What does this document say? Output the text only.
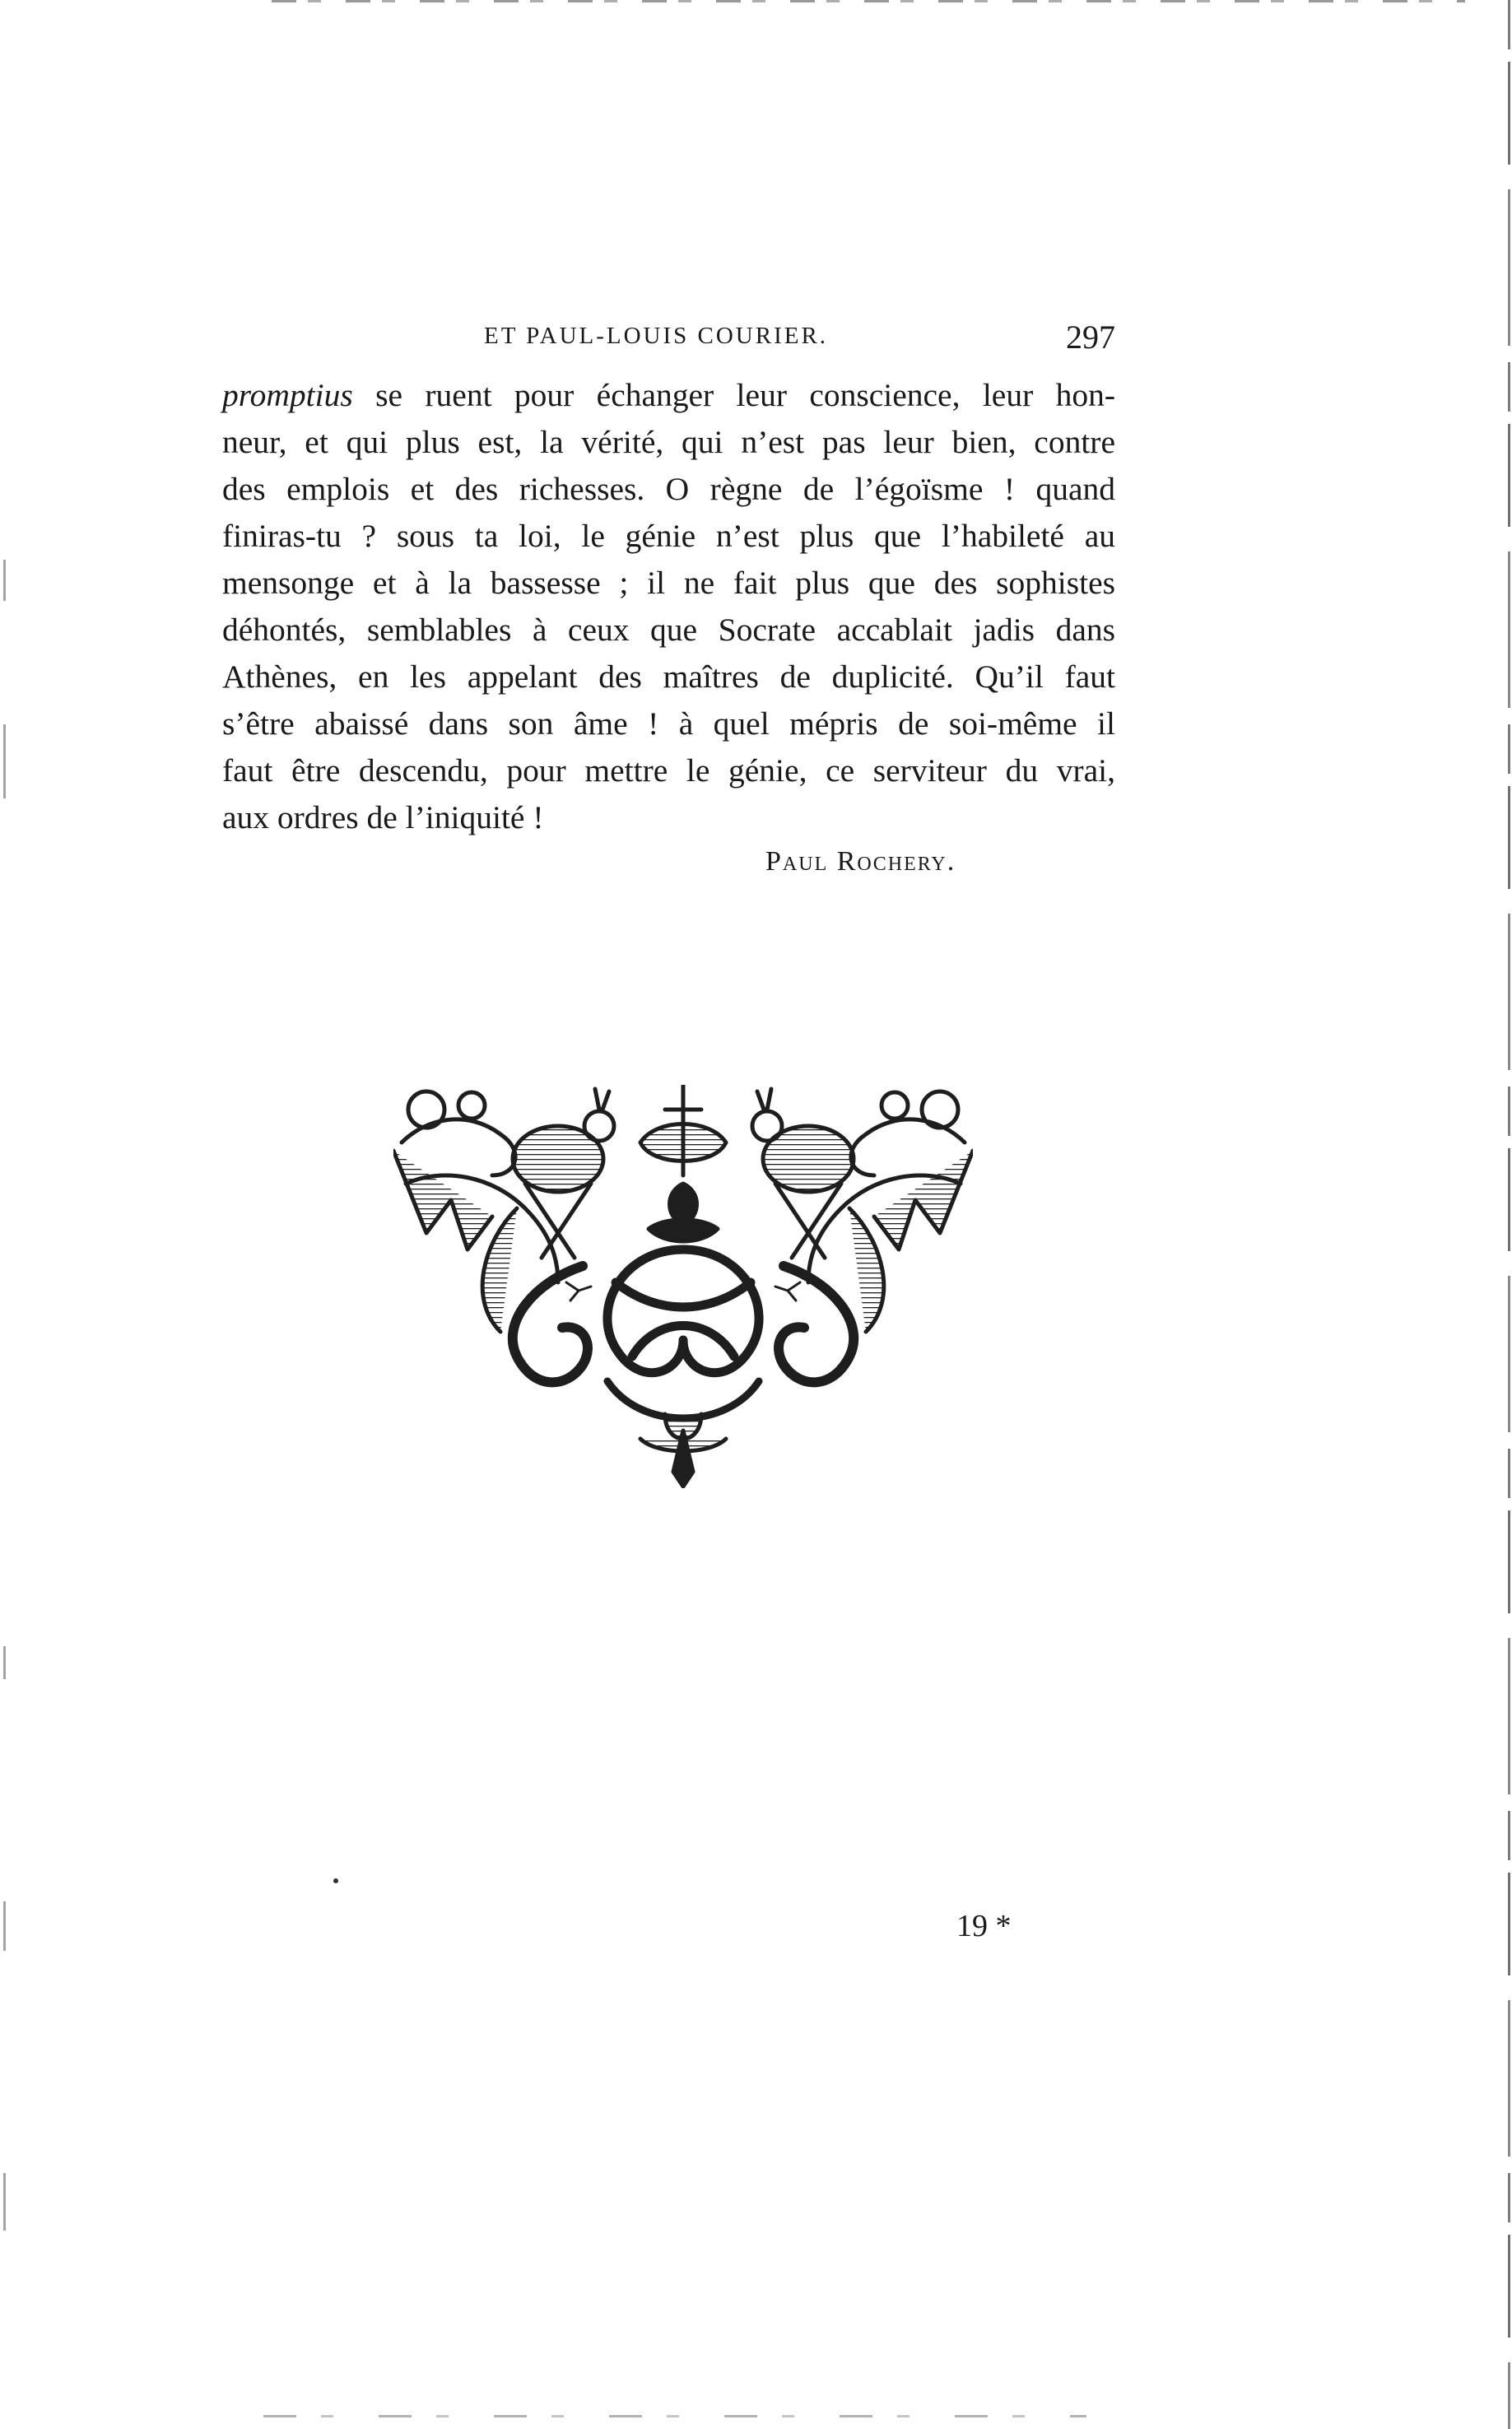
ET PAUL-LOUIS COURIER.	297
promptius se ruent pour échanger leur conscience, leur hon-
neur, et qui plus est, la vérité, qui n’est pas leur bien, contre
des emplois et des richesses. O règne de l’égoïsme ! quand
finiras-tu ? sous ta loi, le génie n’est plus que l’habileté au
mensonge et à la bassesse ; il ne fait plus que des sophistes
déhontés, semblables à ceux que Socrate accablait jadis dans
Athènes, en les appelant des maîtres de duplicité. Qu’il faut
s’être abaissé dans son âme ! à quel mépris de soi-même il
faut être descendu, pour mettre le génie, ce serviteur du vrai,
aux ordres de l’iniquité !
Paul Rochery.
19 *
